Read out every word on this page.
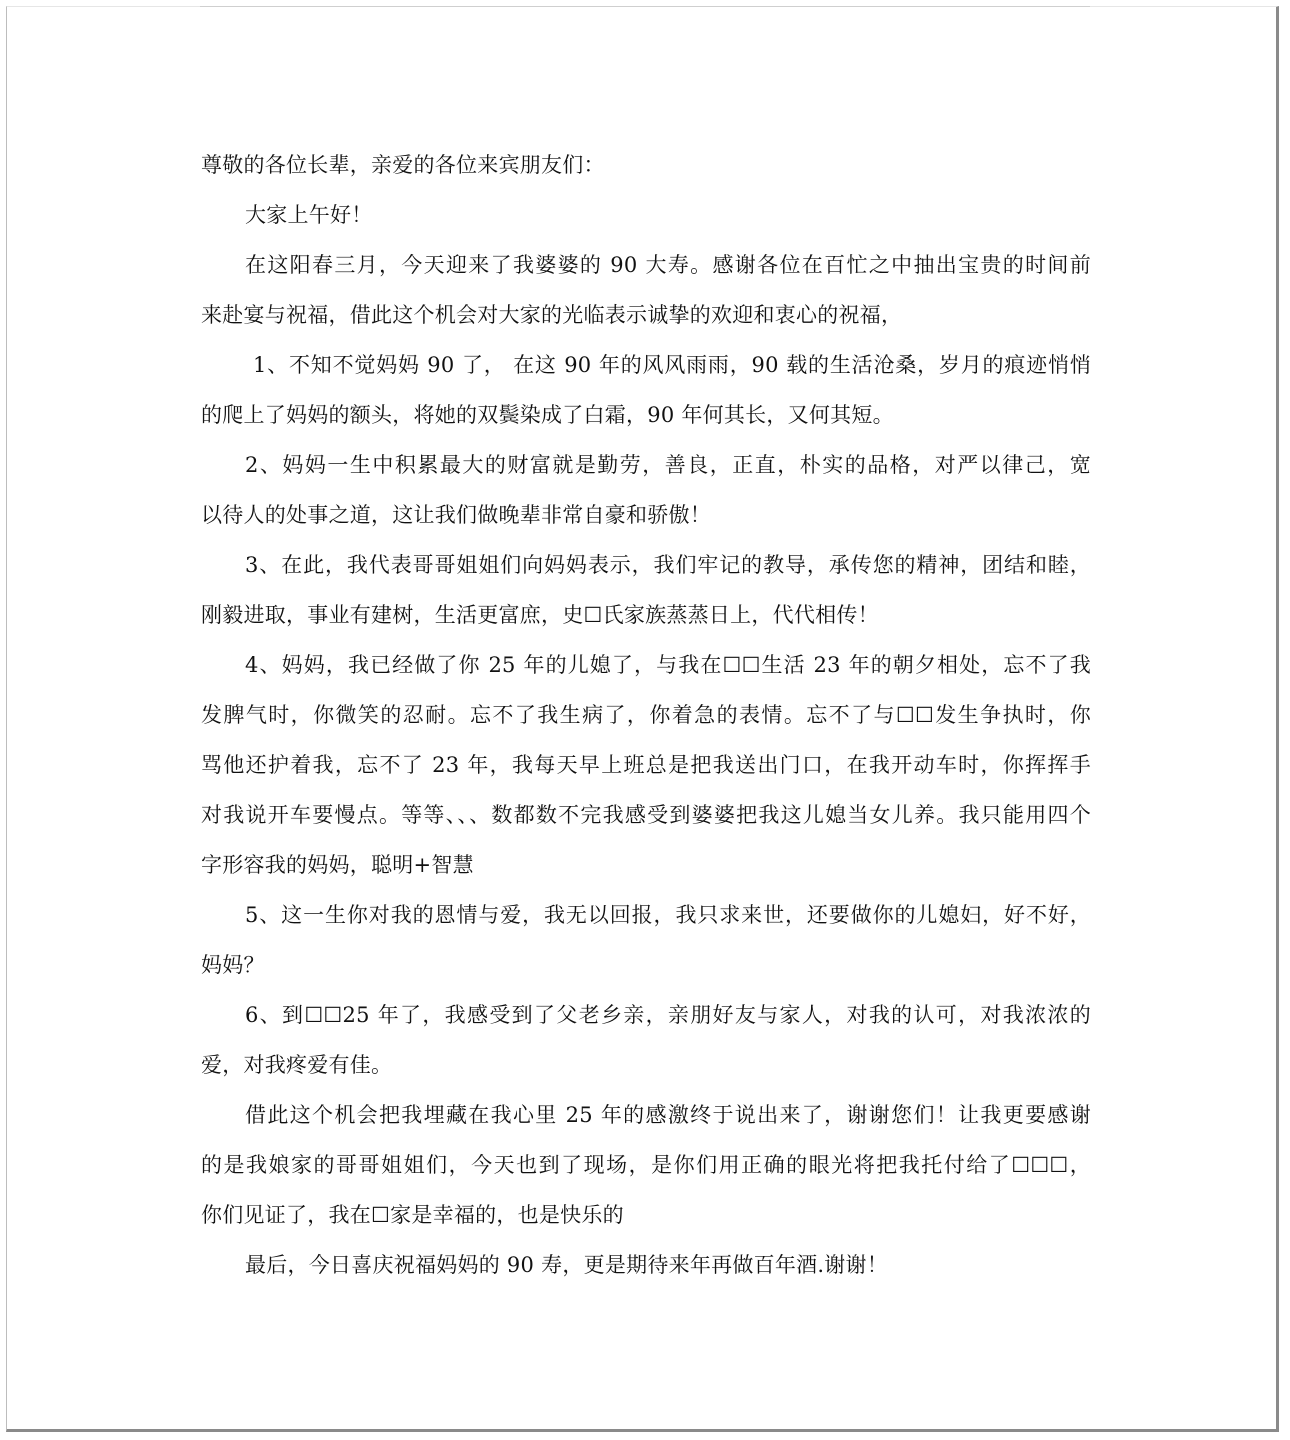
尊敬的各位长辈，亲爱的各位来宾朋友们：
大家上午好！
在这阳春三月，今天迎来了我婆婆的 90 大寿。感谢各位在百忙之中抽出宝贵的时间前
来赴宴与祝福，借此这个机会对大家的光临表示诚挚的欢迎和衷心的祝福，
1、不知不觉妈妈 90 了， 在这 90 年的风风雨雨，90 载的生活沧桑，岁月的痕迹悄悄
的爬上了妈妈的额头，将她的双鬓染成了白霜，90 年何其长，又何其短。
2、妈妈一生中积累最大的财富就是勤劳，善良，正直，朴实的品格，对严以律己，宽
以待人的处事之道，这让我们做晚辈非常自豪和骄傲！
3、在此，我代表哥哥姐姐们向妈妈表示，我们牢记的教导，承传您的精神，团结和睦，
刚毅进取，事业有建树，生活更富庶，史☐氏家族蒸蒸日上，代代相传！
4、妈妈，我已经做了你 25 年的儿媳了，与我在☐☐生活 23 年的朝夕相处，忘不了我
发脾气时，你微笑的忍耐。忘不了我生病了，你着急的表情。忘不了与☐☐发生争执时，你
骂他还护着我，忘不了 23 年，我每天早上班总是把我送出门口，在我开动车时，你挥挥手
对我说开车要慢点。等等、、、数都数不完我感受到婆婆把我这儿媳当女儿养。我只能用四个
字形容我的妈妈，聪明+智慧
5、这一生你对我的恩情与爱，我无以回报，我只求来世，还要做你的儿媳妇，好不好，
妈妈？
6、到☐☐25 年了，我感受到了父老乡亲，亲朋好友与家人，对我的认可，对我浓浓的
爱，对我疼爱有佳。
借此这个机会把我埋藏在我心里 25 年的感激终于说出来了，谢谢您们！让我更要感谢
的是我娘家的哥哥姐姐们，今天也到了现场，是你们用正确的眼光将把我托付给了☐☐☐，
你们见证了，我在☐家是幸福的，也是快乐的
最后，今日喜庆祝福妈妈的 90 寿，更是期待来年再做百年酒.谢谢！
